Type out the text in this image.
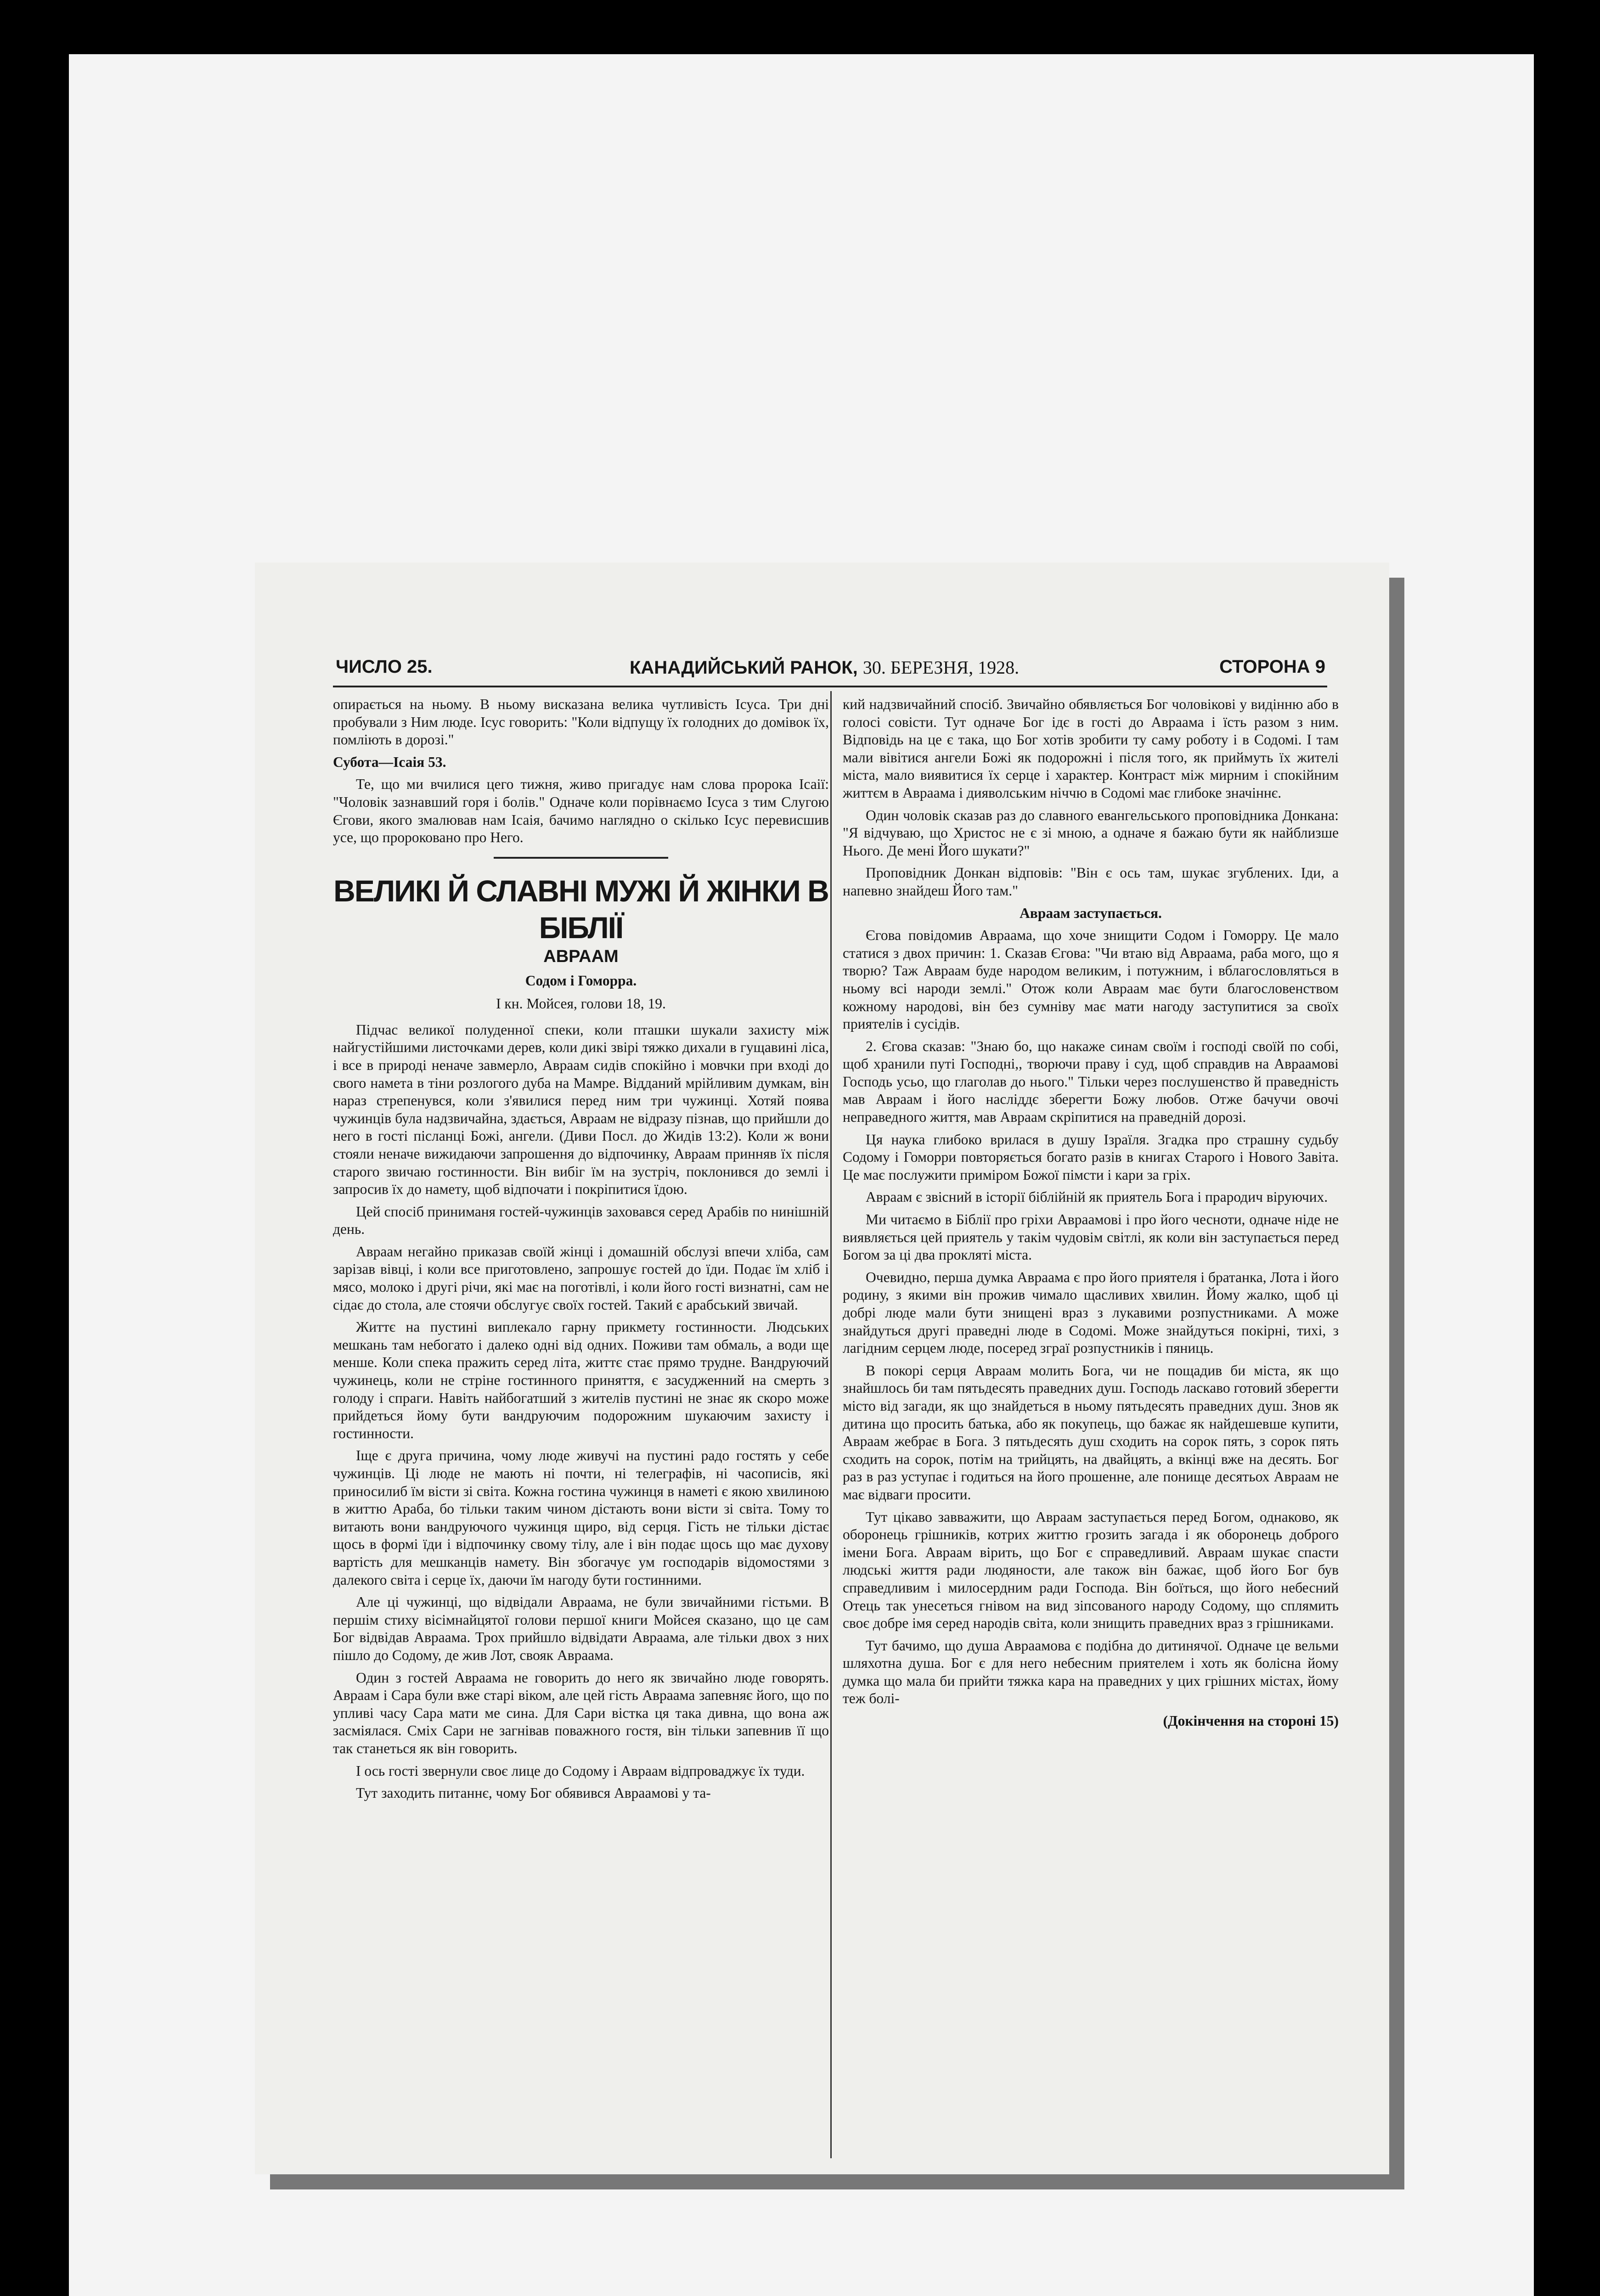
ЧИСЛО 25.	КАНАДИЙСЬКИЙ РАНОК, 30. БЕРЕЗНЯ, 1928.	СТОРОНА 9

опирається на ньому. В ньому висказана велика чутливість Ісуса. Три дні пробували з Ним люде. Ісус говорить: "Коли відпущу їх голодних до домівок їх, помліють в дорозі."

Субота—Ісаія 53.

Те, що ми вчилися цего тижня, живо пригадує нам слова пророка Ісаії: "Чоловік зазнавший горя і болів." Одначе коли порівнаємо Ісуса з тим Слугою Єгови, якого змалював нам Ісаія, бачимо наглядно о скілько Ісус перевисшив усе, що пророковано про Него.

ВЕЛИКІ Й СЛАВНІ МУЖІ Й ЖІНКИ В БІБЛІЇ

АВРААМ

Содом і Гоморра.

I кн. Мойсея, голови 18, 19.

Підчас великої полуденної спеки, коли пташки шукали захисту між найгустійшими листочками дерев, коли дикі звірі тяжко дихали в гущавині ліса, і все в природі неначе завмерло, Авраам сидів спокійно і мовчки при вході до свого намета в тіни розлогого дуба на Мамре. Відданий мрійливим думкам, він нараз стрепенувся, коли з'явилися перед ним три чужинці. Хотяй поява чужинців була надзвичайна, здається, Авраам не відразу пізнав, що прийшли до него в гості післанці Божі, ангели. (Диви Посл. до Жидів 13:2). Коли ж вони стояли неначе вижидаючи запрошення до відпочинку, Авраам принняв їх після старого звичаю гостинности. Він вибіг їм на зустріч, поклонився до землі і запросив їх до намету, щоб відпочати і покріпитися їдою.

Цей спосіб приниманя гостей-чужинців заховався серед Арабів по нинішній день.

Авраам негайно приказав своїй жінці і домашній обслузі впечи хліба, сам зарізав вівці, і коли все приготовлено, запрошує гостей до їди. Подає їм хліб і мясо, молоко і другі річи, які має на поготівлі, і коли його гості визнатні, сам не сідає до стола, але стоячи обслугує своїх гостей. Такий є арабський звичай.

Життє на пустині виплекало гарну прикмету гостинности. Людських мешкань там небогато і далеко одні від одних. Поживи там обмаль, а води ще менше. Коли спека пражить серед літа, життє стає прямо трудне. Вандруючий чужинець, коли не стріне гостинного приняття, є засудженний на смерть з голоду і спраги. Навіть найбогатший з жителів пустині не знає як скоро може прийдеться йому бути вандруючим подорожним шукаючим захисту і гостинности.

Іще є друга причина, чому люде живучі на пустині радо гостять у себе чужинців. Ці люде не мають ні почти, ні телеграфів, ні часописів, які приносилиб їм вісти зі світа. Кожна гостина чужинця в наметі є якою хвилиною в життю Араба, бо тільки таким чином дістають вони вісти зі світа. Тому то витають вони вандруючого чужинця щиро, від серця. Гість не тільки дістає щось в формі їди і відпочинку свому тілу, але і він подає щось що має духову вартість для мешканців намету. Він збогачує ум господарів відомостями з далекого світа і серце їх, даючи їм нагоду бути гостинними.

Але ці чужинці, що відвідали Авраама, не були звичайними гістьми. В першім стиху вісімнайцятої голови першої книги Мойсея сказано, що це сам Бог відвідав Авраама. Трох прийшло відвідати Авраама, але тільки двох з них пішло до Содому, де жив Лот, свояк Авраама.

Один з гостей Авраама не говорить до него як звичайно люде говорять. Авраам і Сара були вже старі віком, але цей гість Авраама запевняє його, що по упливі часу Сара мати ме сина. Для Сари вістка ця така дивна, що вона аж засміялася. Сміх Сари не загнівав поважного гостя, він тільки запевнив її що так станеться як він говорить.

І ось гості звернули своє лице до Содому і Авраам відпроваджує їх туди.

Тут заходить питаннє, чому Бог обявився Авраамові у та-

кий надзвичайний спосіб. Звичайно обявляється Бог чоловікові у видінню або в голосі совісти. Тут одначе Бог ідє в гості до Авраама і їсть разом з ним. Відповідь на це є така, що Бог хотів зробити ту саму роботу і в Содомі. І там мали вівітися ангели Божі як подорожні і після того, як приймуть їх жителі міста, мало виявитися їх серце і характер. Контраст між мирним і спокійним життєм в Авраама і дияволським ніччю в Содомі має глибоке значіннє.

Один чоловік сказав раз до славного евангельського проповідника Донкана: "Я відчуваю, що Христос не є зі мною, а одначе я бажаю бути як найблизше Нього. Де мені Його шукати?"

Проповідник Донкан відповів: "Він є ось там, шукає згублених. Іди, а напевно знайдеш Його там."

Авраам заступається.

Єгова повідомив Авраама, що хоче знищити Содом і Гоморру. Це мало статися з двох причин: 1. Сказав Єгова: "Чи втаю від Авраама, раба мого, що я творю? Таж Авраам буде народом великим, і потужним, і вблагословляться в ньому всі народи землі." Отож коли Авраам має бути благословенством кожному народові, він без сумніву має мати нагоду заступитися за своїх приятелів і сусідів.

2. Єгова сказав: "Знаю бо, що накаже синам своїм і господі своїй по собі, щоб хранили путі Господні,, творючи праву і суд, щоб справдив на Авраамові Господь усьо, що глаголав до нього." Тільки через послушенство й праведність мав Авраам і його насліддє зберегти Божу любов. Отже бачучи овочі неправедного життя, мав Авраам скріпитися на праведній дорозі.

Ця наука глибоко врилася в душу Ізраїля. Згадка про страшну судьбу Содому і Гоморри повторяється богато разів в книгах Старого і Нового Завіта. Це має послужити приміром Божої пімсти і кари за гріх.

Авраам є звісний в історії біблійній як приятель Бога і прародич віруючих.

Ми читаємо в Біблії про гріхи Авраамові і про його чесноти, одначе ніде не виявляється цей приятель у такім чудовім світлі, як коли він заступається перед Богом за ці два прокляті міста.

Очевидно, перша думка Авраама є про його приятеля і братанка, Лота і його родину, з якими він прожив чимало щасливих хвилин. Йому жалко, щоб ці добрі люде мали бути знищені враз з лукавими розпустниками. А може знайдуться другі праведні люде в Содомі. Може знайдуться покірні, тихі, з лагідним серцем люде, посеред зграї розпустників і пяниць.

В покорі серця Авраам молить Бога, чи не пощадив би міста, як що знайшлось би там пятьдесять праведних душ. Господь ласкаво готовий зберегти місто від загади, як що знайдеться в ньому пятьдесять праведних душ. Знов як дитина що просить батька, або як покупець, що бажає як найдешевше купити, Авраам жебрає в Бога. З пятьдесять душ сходить на сорок пять, з сорок пять сходить на сорок, потім на трийцять, на двайцять, а вкінці вже на десять. Бог раз в раз уступає і годиться на його прошенне, але понище десятьох Авраам не має відваги просити.

Тут цікаво завважити, що Авраам заступається перед Богом, однаково, як оборонець грішників, котрих життю грозить загада і як оборонець доброго імени Бога. Авраам вірить, що Бог є справедливий. Авраам шукає спасти людські життя ради людяности, але також він бажає, щоб його Бог був справедливим і милосердним ради Господа. Він боїться, що його небесний Отець так унесеться гнівом на вид зіпсованого народу Содому, що сплямить своє добре імя серед народів світа, коли знищить праведних враз з грішниками.

Тут бачимо, що душа Авраамова є подібна до дитинячої. Одначе це вельми шляхотна душа. Бог є для него небесним приятелем і хоть як болісна йому думка що мала би прийти тяжка кара на праведних у цих грішних містах, йому теж болі-

(Докінчення на стороні 15)
